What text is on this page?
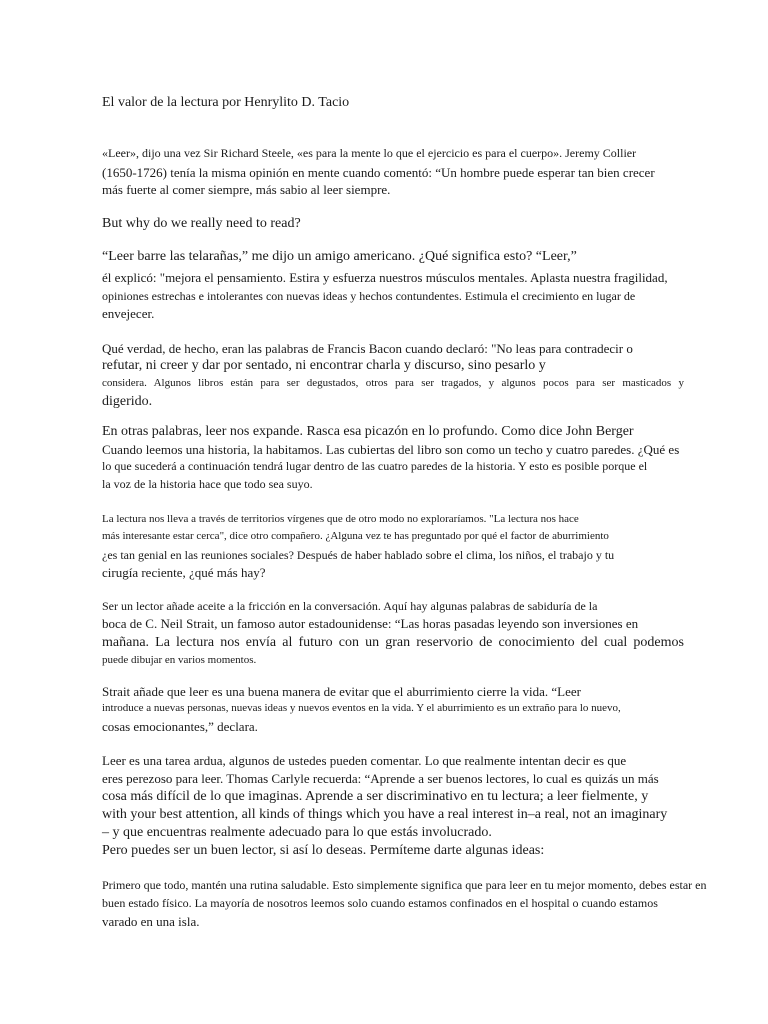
El valor de la lectura por Henrylito D. Tacio
«Leer», dijo una vez Sir Richard Steele, «es para la mente lo que el ejercicio es para el cuerpo». Jeremy Collier
(1650-1726) tenía la misma opinión en mente cuando comentó: “Un hombre puede esperar tan bien crecer
más fuerte al comer siempre, más sabio al leer siempre.
But why do we really need to read?
“Leer barre las telarañas,” me dijo un amigo americano. ¿Qué significa esto? “Leer,”
él explicó: "mejora el pensamiento. Estira y esfuerza nuestros músculos mentales. Aplasta nuestra fragilidad,
opiniones estrechas e intolerantes con nuevas ideas y hechos contundentes. Estimula el crecimiento en lugar de
envejecer.
Qué verdad, de hecho, eran las palabras de Francis Bacon cuando declaró: "No leas para contradecir o
refutar, ni creer y dar por sentado, ni encontrar charla y discurso, sino pesarlo y
considera. Algunos libros están para ser degustados, otros para ser tragados, y algunos pocos para ser masticados y
digerido.
En otras palabras, leer nos expande. Rasca esa picazón en lo profundo. Como dice John Berger
Cuando leemos una historia, la habitamos. Las cubiertas del libro son como un techo y cuatro paredes. ¿Qué es
lo que sucederá a continuación tendrá lugar dentro de las cuatro paredes de la historia. Y esto es posible porque el
la voz de la historia hace que todo sea suyo.
La lectura nos lleva a través de territorios vírgenes que de otro modo no exploraríamos. "La lectura nos hace
más interesante estar cerca", dice otro compañero. ¿Alguna vez te has preguntado por qué el factor de aburrimiento
¿es tan genial en las reuniones sociales? Después de haber hablado sobre el clima, los niños, el trabajo y tu
cirugía reciente, ¿qué más hay?
Ser un lector añade aceite a la fricción en la conversación. Aquí hay algunas palabras de sabiduría de la
boca de C. Neil Strait, un famoso autor estadounidense: “Las horas pasadas leyendo son inversiones en
mañana. La lectura nos envía al futuro con un gran reservorio de conocimiento del cual podemos
puede dibujar en varios momentos.
Strait añade que leer es una buena manera de evitar que el aburrimiento cierre la vida. “Leer
introduce a nuevas personas, nuevas ideas y nuevos eventos en la vida. Y el aburrimiento es un extraño para lo nuevo,
cosas emocionantes,” declara.
Leer es una tarea ardua, algunos de ustedes pueden comentar. Lo que realmente intentan decir es que
eres perezoso para leer. Thomas Carlyle recuerda: “Aprende a ser buenos lectores, lo cual es quizás un más
cosa más difícil de lo que imaginas. Aprende a ser discriminativo en tu lectura; a leer fielmente, y
with your best attention, all kinds of things which you have a real interest in–a real, not an imaginary
– y que encuentras realmente adecuado para lo que estás involucrado.
Pero puedes ser un buen lector, si así lo deseas. Permíteme darte algunas ideas:
Primero que todo, mantén una rutina saludable. Esto simplemente significa que para leer en tu mejor momento, debes estar en
buen estado físico. La mayoría de nosotros leemos solo cuando estamos confinados en el hospital o cuando estamos
varado en una isla.
